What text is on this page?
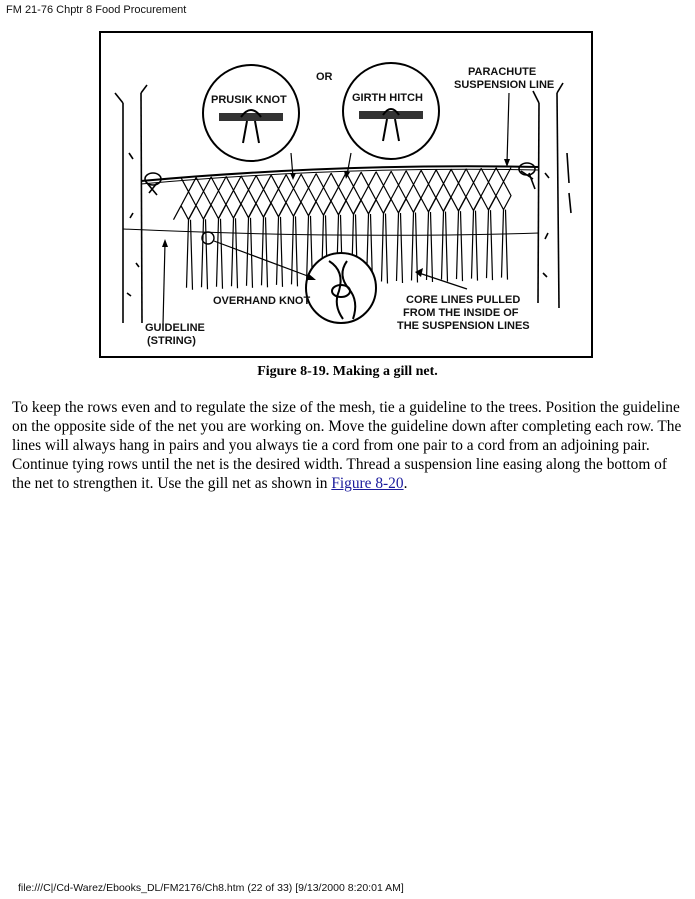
FM 21-76 Chptr 8 Food Procurement
OR
PRUSIK KNOT	GIRTH HITCH
PARACHUTE
SUSPENSION LINE
OVERHAND KNOT	CORE LINES PULLED
FROM THE INSIDE OF
THE SUSPENSION LINES
GUIDELINE
(STRING)
Figure 8-19. Making a gill net.
To keep the rows even and to regulate the size of the mesh, tie a guideline to the trees. Position the guideline on the opposite side of the net you are working on. Move the guideline down after completing each row. The lines will always hang in pairs and you always tie a cord from one pair to a cord from an adjoining pair. Continue tying rows until the net is the desired width. Thread a suspension line easing along the bottom of the net to strengthen it. Use the gill net as shown in Figure 8-20.
file:///C|/Cd-Warez/Ebooks_DL/FM2176/Ch8.htm (22 of 33) [9/13/2000 8:20:01 AM]
